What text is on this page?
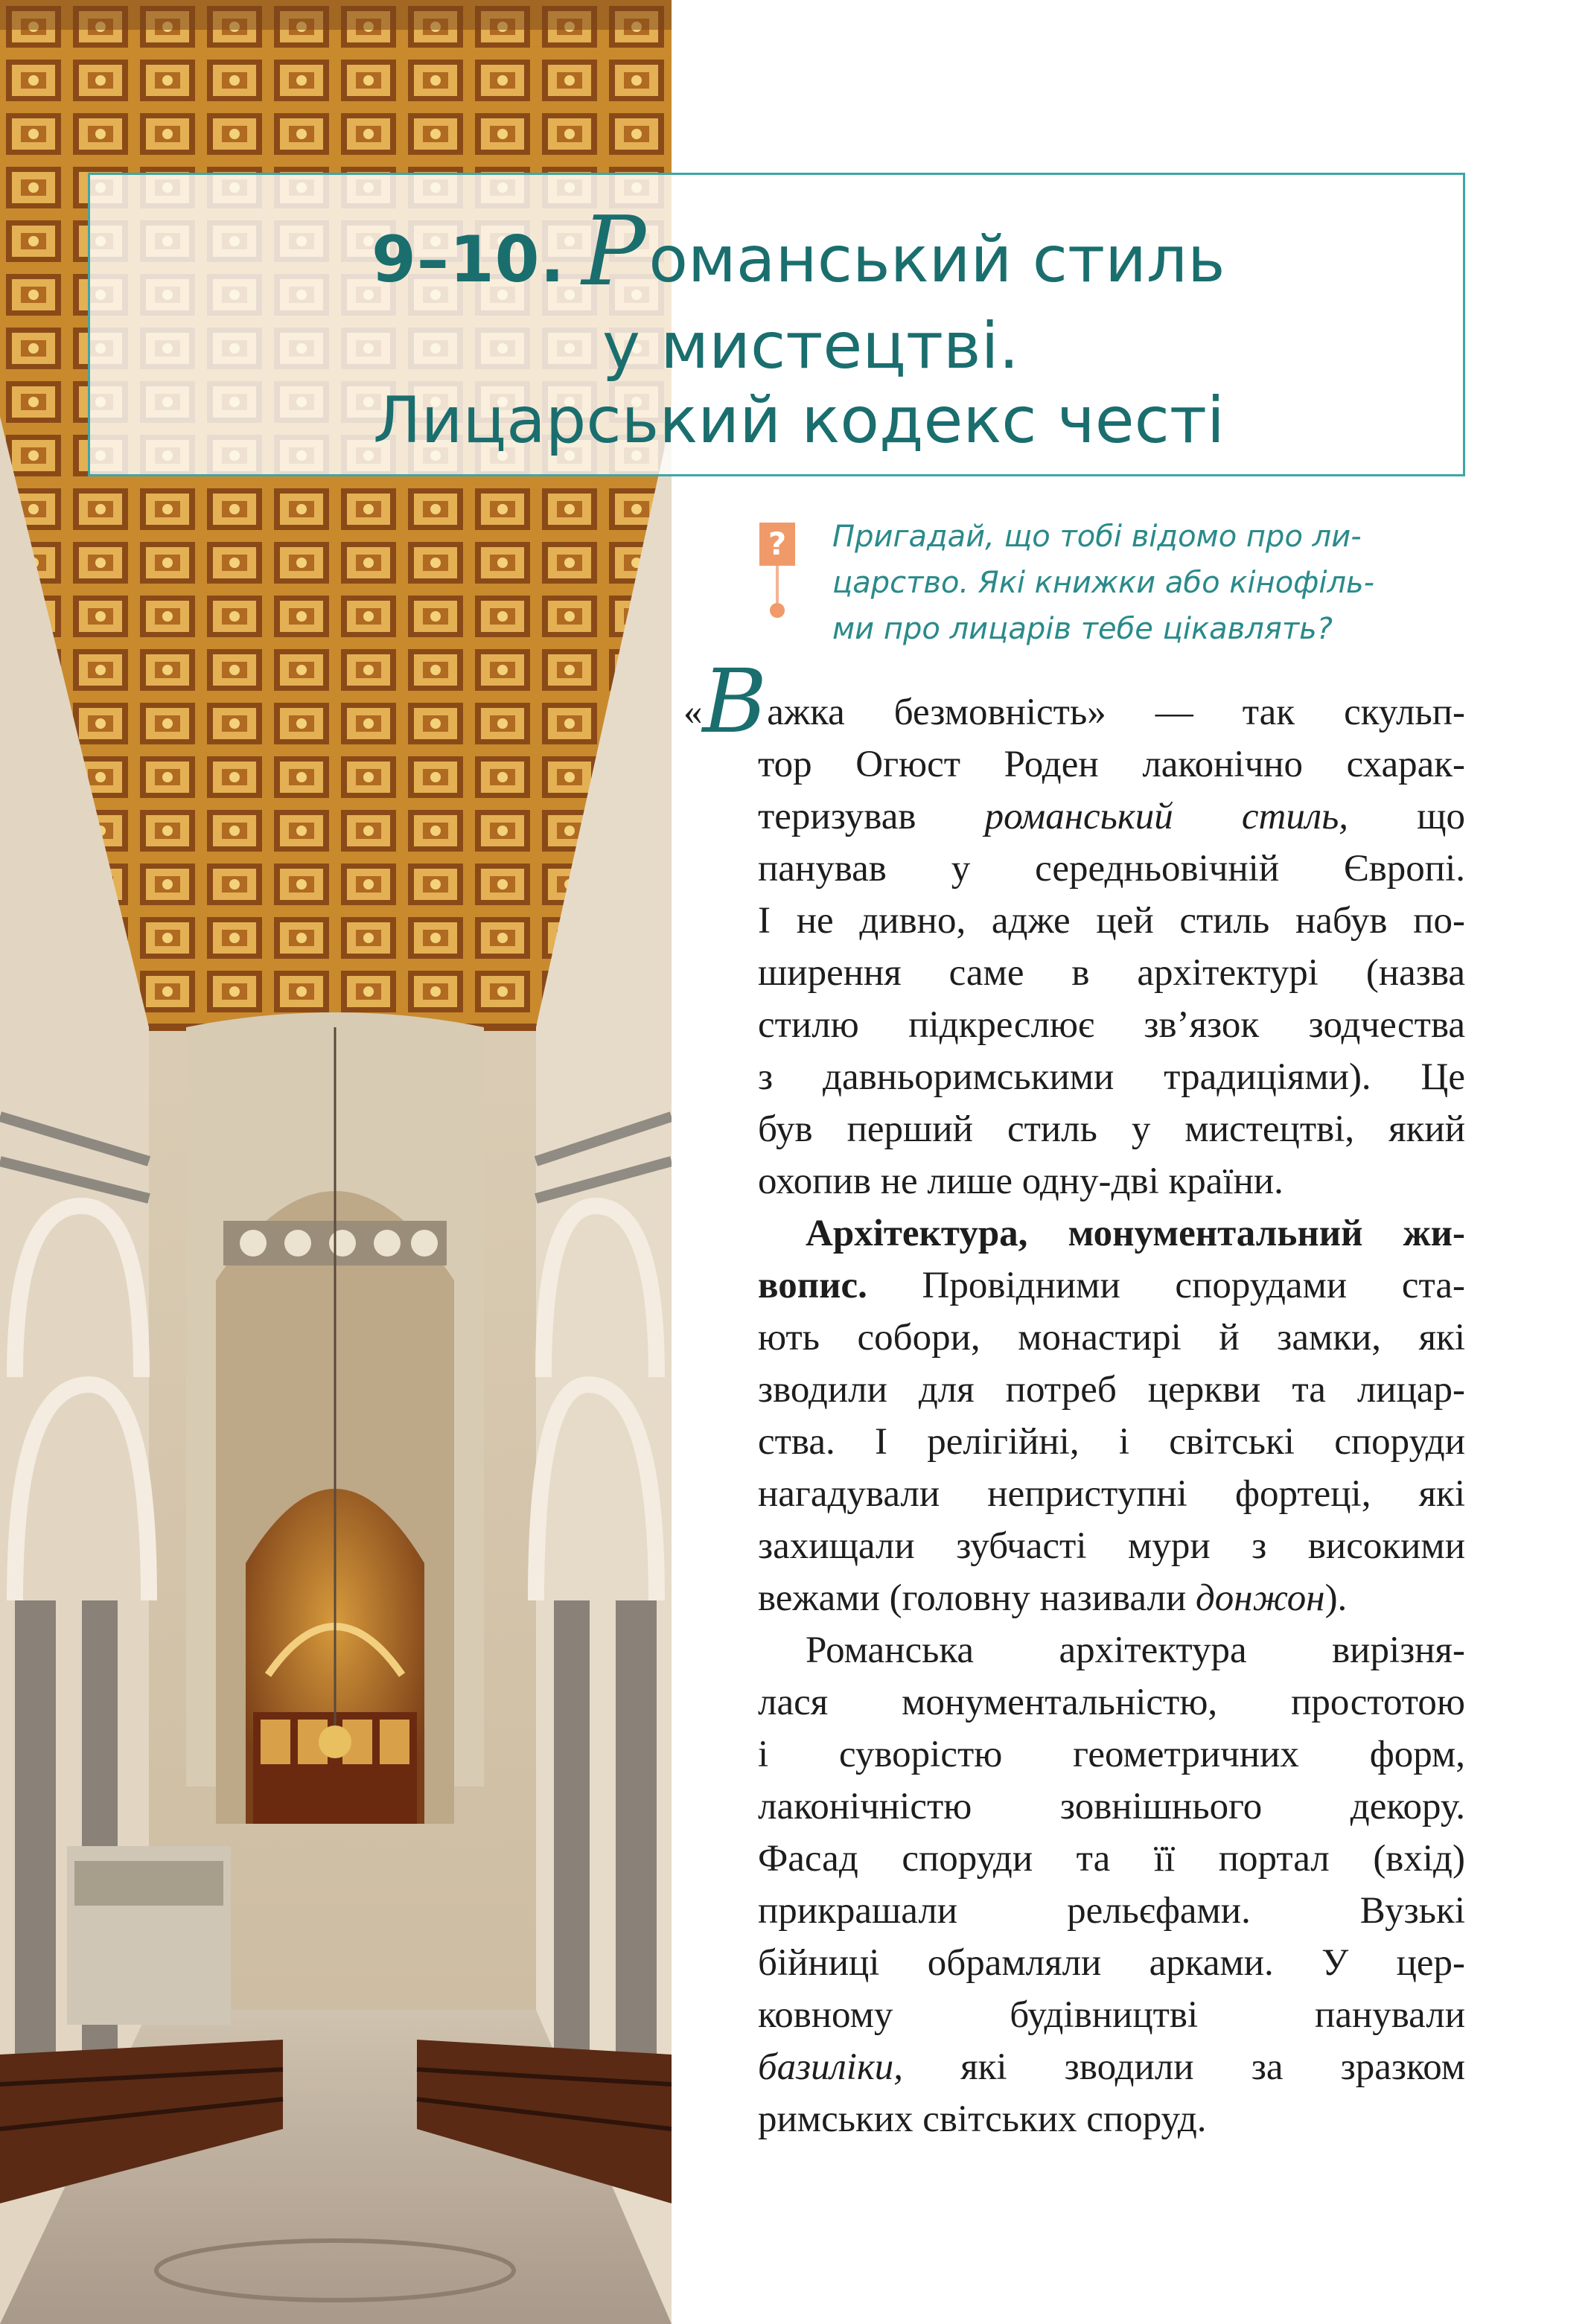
9–10. Романський стиль
у мистецтві.
Лицарський кодекс честі
? Пригадай, що тобі відомо про ли-
царство. Які книжки або кінофіль-
ми про лицарів тебе цікавлять?
«Важка безмовність» — так скульп-
тор Огюст Роден лаконічно схарак-
теризував романський стиль, що
панував у середньовічній Європі.
І не дивно, адже цей стиль набув по-
ширення саме в архітектурі (назва
стилю підкреслює зв’язок зодчества
з давньоримськими традиціями). Це
був перший стиль у мистецтві, який
охопив не лише одну-дві країни.
Архітектура, монументальний жи-
вопис. Провідними спорудами ста-
ють собори, монастирі й замки, які
зводили для потреб церкви та лицар-
ства. І релігійні, і світські споруди
нагадували неприступні фортеці, які
захищали зубчасті мури з високими
вежами (головну називали донжон).
Романська архітектура вирізня-
лася монументальністю, простотою
і суворістю геометричних форм,
лаконічністю зовнішнього декору.
Фасад споруди та її портал (вхід)
прикрашали рельєфами. Вузькі
бійниці обрамляли арками. У цер-
ковному будівництві панували
базиліки, які зводили за зразком
римських світських споруд.
